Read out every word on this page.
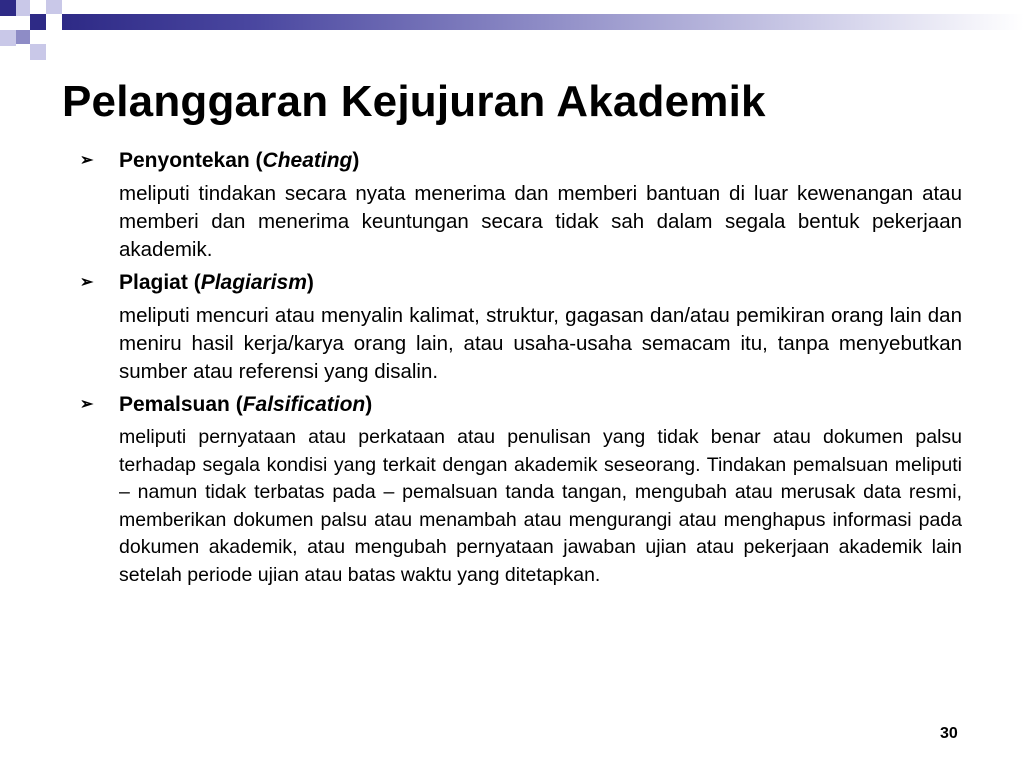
Pelanggaran Kejujuran Akademik
➢ Penyontekan (Cheating)
meliputi tindakan secara nyata menerima dan memberi bantuan di luar kewenangan atau memberi dan menerima keuntungan secara tidak sah dalam segala bentuk pekerjaan akademik.
➢ Plagiat (Plagiarism)
meliputi mencuri atau menyalin kalimat, struktur, gagasan dan/atau pemikiran orang lain dan meniru hasil kerja/karya orang lain, atau usaha-usaha semacam itu, tanpa menyebutkan sumber atau referensi yang disalin.
➢ Pemalsuan (Falsification)
meliputi pernyataan atau perkataan atau penulisan yang tidak benar atau dokumen palsu terhadap segala kondisi yang terkait dengan akademik seseorang. Tindakan pemalsuan meliputi – namun tidak terbatas pada – pemalsuan tanda tangan, mengubah atau merusak data resmi, memberikan dokumen palsu atau menambah atau mengurangi atau menghapus informasi pada dokumen akademik, atau mengubah pernyataan jawaban ujian atau pekerjaan akademik lain setelah periode ujian atau batas waktu yang ditetapkan.
30
